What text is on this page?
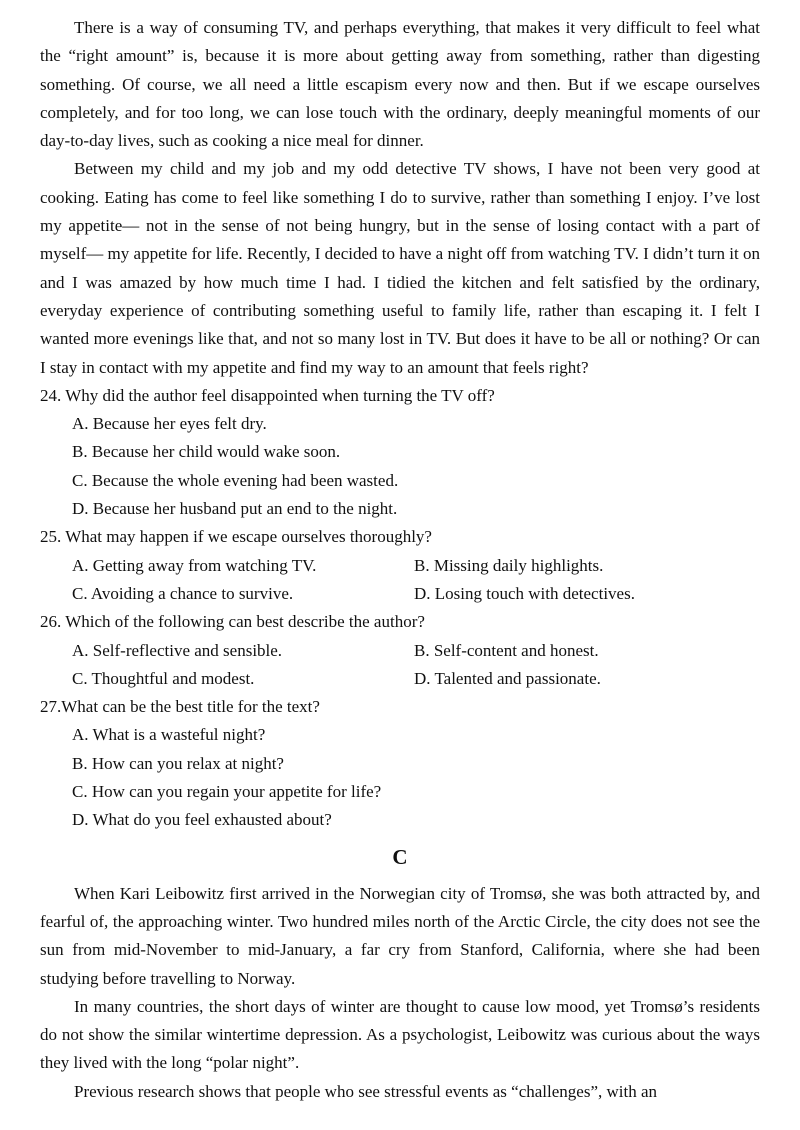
There is a way of consuming TV, and perhaps everything, that makes it very difficult to feel what the “right amount” is, because it is more about getting away from something, rather than digesting something. Of course, we all need a little escapism every now and then. But if we escape ourselves completely, and for too long, we can lose touch with the ordinary, deeply meaningful moments of our day-to-day lives, such as cooking a nice meal for dinner.

Between my child and my job and my odd detective TV shows, I have not been very good at cooking. Eating has come to feel like something I do to survive, rather than something I enjoy. I’ve lost my appetite— not in the sense of not being hungry, but in the sense of losing contact with a part of myself— my appetite for life. Recently, I decided to have a night off from watching TV. I didn’t turn it on and I was amazed by how much time I had. I tidied the kitchen and felt satisfied by the ordinary, everyday experience of contributing something useful to family life, rather than escaping it. I felt I wanted more evenings like that, and not so many lost in TV. But does it have to be all or nothing? Or can I stay in contact with my appetite and find my way to an amount that feels right?

24. Why did the author feel disappointed when turning the TV off?

A. Because her eyes felt dry.

B. Because her child would wake soon.

C. Because the whole evening had been wasted.

D. Because her husband put an end to the night.

25. What may happen if we escape ourselves thoroughly?

A. Getting away from watching TV.	B. Missing daily highlights.

C. Avoiding a chance to survive.	D. Losing touch with detectives.

26. Which of the following can best describe the author?

A. Self-reflective and sensible.	B. Self-content and honest.

C. Thoughtful and modest.	D. Talented and passionate.

27.What can be the best title for the text?

A. What is a wasteful night?

B. How can you relax at night?

C. How can you regain your appetite for life?

D. What do you feel exhausted about?

C

When Kari Leibowitz first arrived in the Norwegian city of Tromsø, she was both attracted by, and fearful of, the approaching winter. Two hundred miles north of the Arctic Circle, the city does not see the sun from mid-November to mid-January, a far cry from Stanford, California, where she had been studying before travelling to Norway.

In many countries, the short days of winter are thought to cause low mood, yet Tromsø’s residents do not show the similar wintertime depression. As a psychologist, Leibowitz was curious about the ways they lived with the long “polar night”.

Previous research shows that people who see stressful events as “challenges”, with an
